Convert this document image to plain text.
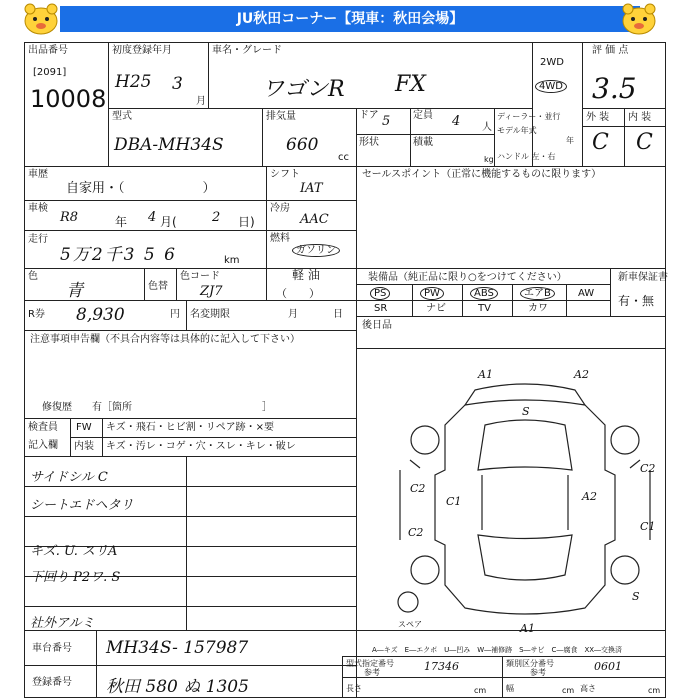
JU秋田コーナー【現車：秋田会場】
出品番号
[2091]
10008
初度登録年月
H25 3
月
車名・グレード
ワゴンR FX
2WD
4WD
評 価 点
3.5
型式
DBA-MH34S
排気量
660
cc
ドア 5 定員 4 人
形状	積載
kg
ディーラー・並行
モデル年式
年
ハンドル 左・右
外 装 内 装
C C
車歴
自家用・（　　　　　　）
シフト
IAT
車検
R8	年 4 月(	2 日)
冷房
AAC
走行
5万2千3 5 6	km
燃料
ガソリン
軽 油
（　　）
色
青	色替
色コード
ZJ7
R券 8,930	円 名変期限	月	日
注意事項申告欄（不具合内容等は具体的に記入して下さい）
修復歴　　有［箇所　　　　　　　　　　　　　］
検査員
記入欄
FW キズ・飛石・ヒビ割・リペア跡・×要
内装 キズ・汚レ・コゲ・穴・スレ・キレ・破レ
サイドシル C
シートエドヘタリ
キズ. U. スリA
下回り P2ワ. S
社外アルミ
車台番号 MH34S- 157987
登録番号 秋田 580 ぬ 1305
セールスポイント（正常に機能するものに限ります）
装備品（純正品に限り○をつけてください）	新車保証書
PS	PW	ABS	エアB	AW
SR	ナビ	TV	カワ
有・無
後日品
A1	A2
S
C2
C1	A2
C2
C1
C2
S
A1
スペア
A―キズ　E―エクボ　U―凹み　W―補修跡　S―サビ　C―腐食　XX―交換済
型式指定番号	17346	類別区分番号	0601
参考	参考
長さ	cm 幅	cm 高さ	cm
